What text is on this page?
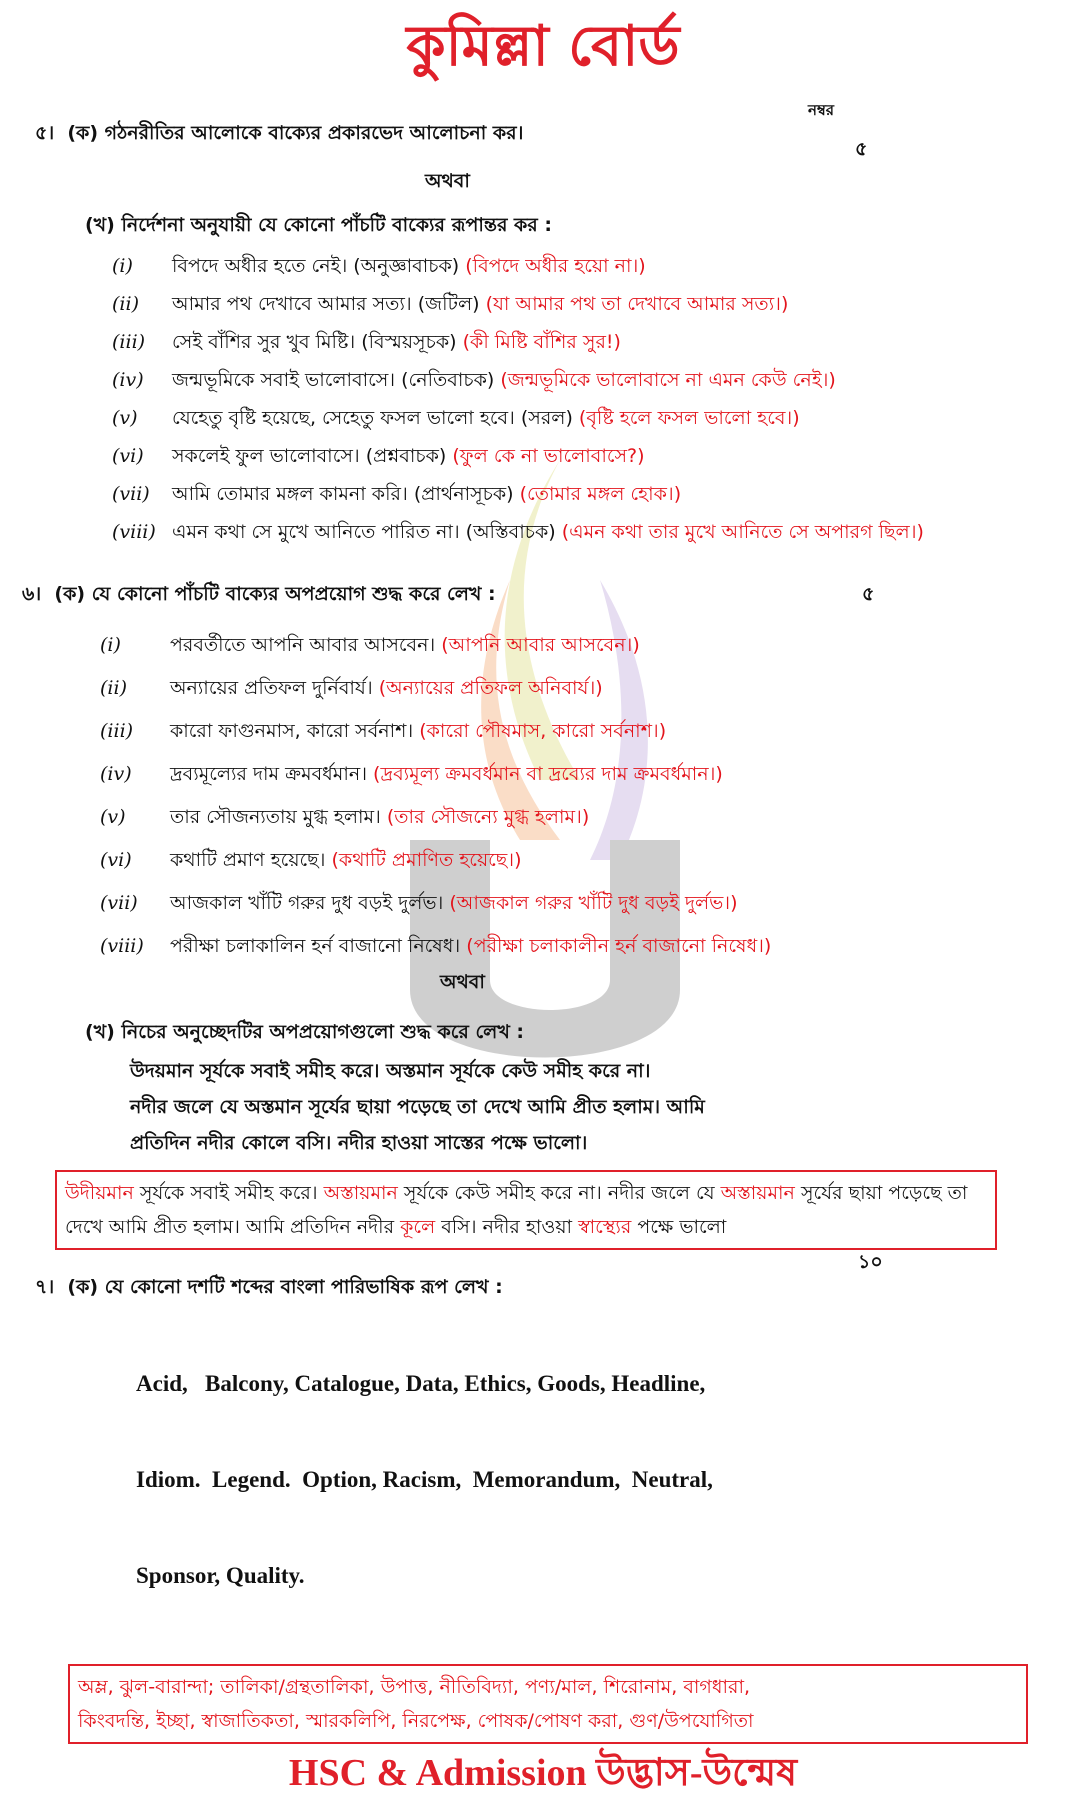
কুমিল্লা বোর্ড
নম্বর
৫। (ক) গঠনরীতির আলোকে বাক্যের প্রকারভেদ আলোচনা কর।
৫
অথবা
(খ) নির্দেশনা অনুযায়ী যে কোনো পাঁচটি বাক্যের রূপান্তর কর :
(i)	বিপদে অধীর হতে নেই। (অনুজ্ঞাবাচক) (বিপদে অধীর হয়ো না।)
(ii)	আমার পথ দেখাবে আমার সত্য। (জটিল) (যা আমার পথ তা দেখাবে আমার সত্য।)
(iii)	সেই বাঁশির সুর খুব মিষ্টি। (বিস্ময়সূচক) (কী মিষ্টি বাঁশির সুর!)
(iv)	জন্মভূমিকে সবাই ভালোবাসে। (নেতিবাচক) (জন্মভূমিকে ভালোবাসে না এমন কেউ নেই।)
(v)	যেহেতু বৃষ্টি হয়েছে, সেহেতু ফসল ভালো হবে। (সরল) (বৃষ্টি হলে ফসল ভালো হবে।)
(vi)	সকলেই ফুল ভালোবাসে। (প্রশ্নবাচক) (ফুল কে না ভালোবাসে?)
(vii)	আমি তোমার মঙ্গল কামনা করি। (প্রার্থনাসূচক) (তোমার মঙ্গল হোক।)
(viii) এমন কথা সে মুখে আনিতে পারিত না। (অস্তিবাচক) (এমন কথা তার মুখে আনিতে সে অপারগ ছিল।)
৬। (ক) যে কোনো পাঁচটি বাক্যের অপপ্রয়োগ শুদ্ধ করে লেখ :	৫
(i)	পরবর্তীতে আপনি আবার আসবেন। (আপনি আবার আসবেন।)
(ii)	অন্যায়ের প্রতিফল দুর্নিবার্য। (অন্যায়ের প্রতিফল অনিবার্য।)
(iii)	কারো ফাগুনমাস, কারো সর্বনাশ। (কারো পৌষমাস, কারো সর্বনাশ।)
(iv)	দ্রব্যমূল্যের দাম ক্রমবর্ধমান। (দ্রব্যমূল্য ক্রমবর্ধমান বা দ্রব্যের দাম ক্রমবর্ধমান।)
(v)	তার সৌজন্যতায় মুগ্ধ হলাম। (তার সৌজন্যে মুগ্ধ হলাম।)
(vi)	কথাটি প্রমাণ হয়েছে। (কথাটি প্রমাণিত হয়েছে।)
(vii)	আজকাল খাঁটি গরুর দুধ বড়ই দুর্লভ। (আজকাল গরুর খাঁটি দুধ বড়ই দুর্লভ।)
(viii)	পরীক্ষা চলাকালিন হর্ন বাজানো নিষেধ। (পরীক্ষা চলাকালীন হর্ন বাজানো নিষেধ।)
অথবা
(খ) নিচের অনুচ্ছেদটির অপপ্রয়োগগুলো শুদ্ধ করে লেখ :
উদয়মান সূর্যকে সবাই সমীহ করে। অস্তমান সূর্যকে কেউ সমীহ করে না।
নদীর জলে যে অস্তমান সূর্যের ছায়া পড়েছে তা দেখে আমি প্রীত হলাম। আমি
প্রতিদিন নদীর কোলে বসি। নদীর হাওয়া সাস্তের পক্ষে ভালো।
উদীয়মান সূর্যকে সবাই সমীহ করে। অস্তায়মান সূর্যকে কেউ সমীহ করে না। নদীর জলে যে অস্তায়মান সূর্যের ছায়া পড়েছে তা দেখে আমি প্রীত হলাম। আমি প্রতিদিন নদীর কূলে বসি। নদীর হাওয়া স্বাস্থ্যের পক্ষে ভালো
১০
৭। (ক) যে কোনো দশটি শব্দের বাংলা পারিভাষিক রূপ লেখ :

Acid,   Balcony, Catalogue, Data, Ethics, Goods, Headline,

Idiom.  Legend.  Option, Racism,  Memorandum,  Neutral,

Sponsor, Quality.

অম্ল, ঝুল-বারান্দা; তালিকা/গ্রন্থতালিকা, উপাত্ত, নীতিবিদ্যা, পণ্য/মাল, শিরোনাম, বাগধারা,
কিংবদন্তি, ইচ্ছা, স্বাজাতিকতা, স্মারকলিপি, নিরপেক্ষ, পোষক/পোষণ করা, গুণ/উপযোগিতা
HSC & Admission উদ্ভাস-উন্মেষ
